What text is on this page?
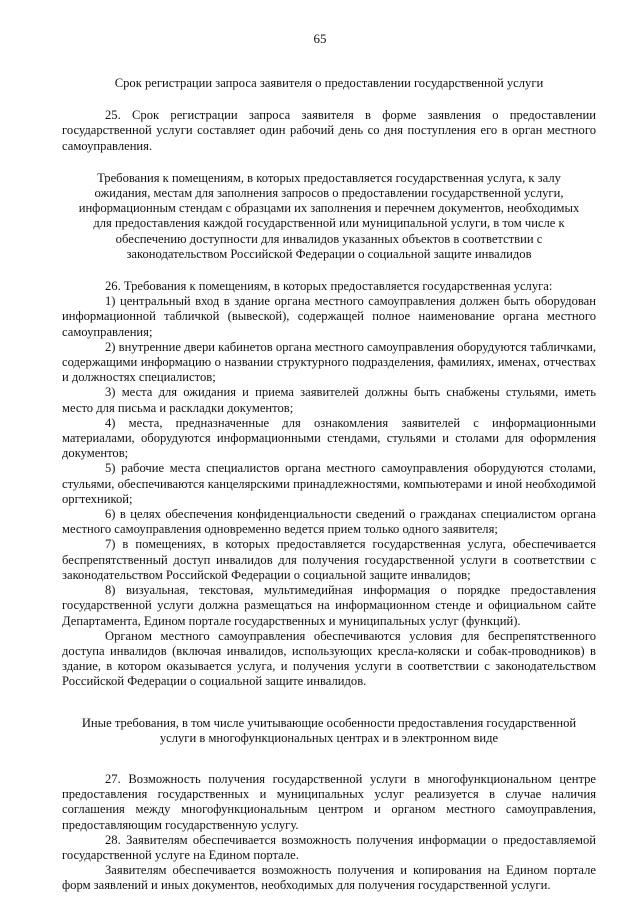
65

Срок регистрации запроса заявителя о предоставлении государственной услуги

25. Срок регистрации запроса заявителя в форме заявления о предоставлении государственной услуги составляет один рабочий день со дня поступления его в орган местного самоуправления.

Требования к помещениям, в которых предоставляется государственная услуга, к залу ожидания, местам для заполнения запросов о предоставлении государственной услуги, информационным стендам с образцами их заполнения и перечнем документов, необходимых для предоставления каждой государственной или муниципальной услуги, в том числе к обеспечению доступности для инвалидов указанных объектов в соответствии с законодательством Российской Федерации о социальной защите инвалидов

26. Требования к помещениям, в которых предоставляется государственная услуга:

1) центральный вход в здание органа местного самоуправления должен быть оборудован информационной табличкой (вывеской), содержащей полное наименование органа местного самоуправления;

2) внутренние двери кабинетов органа местного самоуправления оборудуются табличками, содержащими информацию о названии структурного подразделения, фамилиях, именах, отчествах и должностях специалистов;

3) места для ожидания и приема заявителей должны быть снабжены стульями, иметь место для письма и раскладки документов;

4) места, предназначенные для ознакомления заявителей с информационными материалами, оборудуются информационными стендами, стульями и столами для оформления документов;

5) рабочие места специалистов органа местного самоуправления оборудуются столами, стульями, обеспечиваются канцелярскими принадлежностями, компьютерами и иной необходимой оргтехникой;

6) в целях обеспечения конфиденциальности сведений о гражданах специалистом органа местного самоуправления одновременно ведется прием только одного заявителя;

7) в помещениях, в которых предоставляется государственная услуга, обеспечивается беспрепятственный доступ инвалидов для получения государственной услуги в соответствии с законодательством Российской Федерации о социальной защите инвалидов;

8) визуальная, текстовая, мультимедийная информация о порядке предоставления государственной услуги должна размещаться на информационном стенде и официальном сайте Департамента, Едином портале государственных и муниципальных услуг (функций).

Органом местного самоуправления обеспечиваются условия для беспрепятственного доступа инвалидов (включая инвалидов, использующих кресла-коляски и собак-проводников) в здание, в котором оказывается услуга, и получения услуги в соответствии с законодательством Российской Федерации о социальной защите инвалидов.

Иные требования, в том числе учитывающие особенности предоставления государственной услуги в многофункциональных центрах и в электронном виде

27. Возможность получения государственной услуги в многофункциональном центре предоставления государственных и муниципальных услуг реализуется в случае наличия соглашения между многофункциональным центром и органом местного самоуправления, предоставляющим государственную услугу.

28. Заявителям обеспечивается возможность получения информации о предоставляемой государственной услуге на Едином портале.

Заявителям обеспечивается возможность получения и копирования на Едином портале форм заявлений и иных документов, необходимых для получения государственной услуги.
